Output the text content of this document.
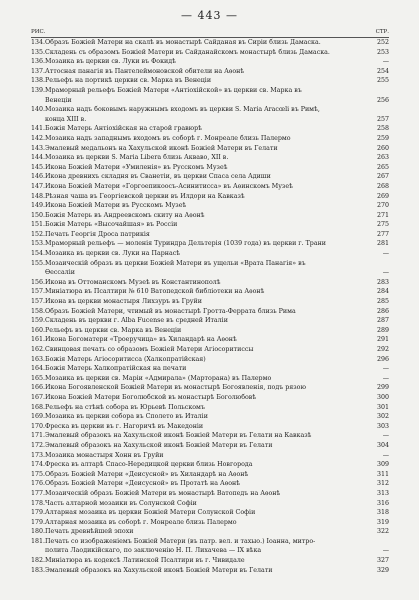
— 443 —
РИС.	СТР.
134. Образъ Божіей Матери на скалѣ въ монастырѣ Сайданая въ Сиріи близь Дамаска.	252
135. Складень съ образомъ Божіей Матери въ Сайданайскомъ монастырѣ близь Дамаска.	253
136. Мозаика въ церкви св. Луки въ Фокидѣ	—
137. Аттосная панагія въ Пантелеймоновской обители на Аѳонѣ	254
138. Рельефъ на портикѣ церкви св. Марка въ Венеціи	255
139. Мраморный рельефъ Божіей Матери «Антіохійской» въ церкви св. Марка въ
Венеціи	256
140. Мозаика надъ боковымъ наружнымъ входомъ въ церкви S. Maria Aracœli въ Римѣ,
конца XIII в.	257
141. Божія Матерь Антіохійская на старой гравюрѣ	258
142. Мозаика надъ западнымъ входомъ въ соборѣ г. Монреале близь Палермо	259
143. Эмалевый медальонъ на Хахульской иконѣ Божіей Матери въ Гелати	260
144. Мозаика въ церкви S. Maria Libera близь Акваво, XII в.	263
145. Икона Божіей Матери «Умиленія» въ Русскомъ Музеѣ	265
146. Икона древнихъ складня въ Сванетіи, въ церкви Спаса села Адиши	267
147. Икона Божіей Матери «Горгоепикоосъ-Асинитисса» въ Аѳинскомъ Музеѣ	268
148. Рѣзная чаша въ Георгіевской церкви въ Илдори на Кавказѣ	269
149. Икона Божіей Матери въ Русскомъ Музеѣ	270
150. Божія Матерь въ Андреевскомъ скиту на Аѳонѣ	271
151. Божія Матерь «Высочайшая» въ Россіи	275
152. Печать Георгія Дроса патрикія	277
153. Мраморный рельефъ — моленія Туриндра Дельтерія (1039 года) въ церкви г. Трани	281
154. Мозаика въ церкви св. Луки на Парнасѣ	—
155. Мозаическій образъ въ церкви Божіей Матери въ ущельи «Врата Панагія» въ
Ѳессаліи	—
156. Икона въ Оттоманскомъ Музеѣ въ Константинополѣ	283
157. Миніатюра въ Псалтири № 610 Ватопедской библіотеки на Аѳонѣ	284
157. Икона въ церкви монастыря Лихзуръ въ Груйи	285
158. Образъ Божіей Матери, чтимый въ монастырѣ Гротта-Феррата близь Рима	286
159. Складень въ церкви г. Alba Fucense въ средней Италіи	287
160. Рельефъ въ церкви св. Марка въ Венеціи	289
161. Икона Богоматери «Троеручица» въ Хиландарѣ на Аѳонѣ	291
162. Свинцовая печать со образомъ Божіей Матери Агіосоритиссы	292
163. Божія Матерь Агіосоритисса (Халкопратійская)	296
164. Божія Матерь Халкопратійская на печати	—
165. Мозаика въ церкви св. Маріи «Адмирала» (Марторана) въ Палермо	—
166. Икона Богоявленской Божіей Матери въ монастырѣ Богоявленія, подъ рязою	299
167. Икона Божіей Матери Боголюбской въ монастырѣ Боголюбовѣ	300
168. Рельефъ на стѣнѣ собора въ Юрьевѣ Польскомъ	301
169. Мозаика въ церкви собора въ Сполето въ Италіи	302
170. Фреска въ церкви въ г. Нагоричѣ въ Македоніи	303
171. Эмалевый образокъ на Хахульской иконѣ Божіей Матери въ Гелати на Кавказѣ	—
172. Эмалевый образокъ на Хахульской иконѣ Божіей Матери въ Гелати	304
173. Мозаика монастыря Хонн въ Груйи	—
174. Фреска въ алтарѣ Спасо-Нередицкой церкви близь Новгорода	309
175. Образъ Божіей Матери «Деисусной» въ Хиландарѣ на Аѳонѣ	311
176. Образъ Божіей Матери «Деисусной» въ Протатѣ на Аѳонѣ	312
177. Мозаическій образъ Божіей Матери въ монастырѣ Ватопедъ на Аѳонѣ	313
178. Часть алтарной мозаики въ Солунской Софіи	316
179. Алтарная мозаика въ церкви Божіей Матери Солунской Софіи	318
179. Алтарная мозаика въ соборѣ г. Монреале близь Палермо	319
180. Печать древнѣйшей эпохи	322
181. Печать со изображеніемъ Божіей Матери (въ патр. вел. и тахыо.) Іоанна, митро-
полита Лаодикійскаго, по заключенію Н. П. Лихачева — IX вѣка	—
182. Миніатюра въ кодексѣ Латинской Псалтири въ г. Чивидале	327
183. Эмалевый образокъ на Хахульской иконѣ Божіей Матери въ Гелати	329
